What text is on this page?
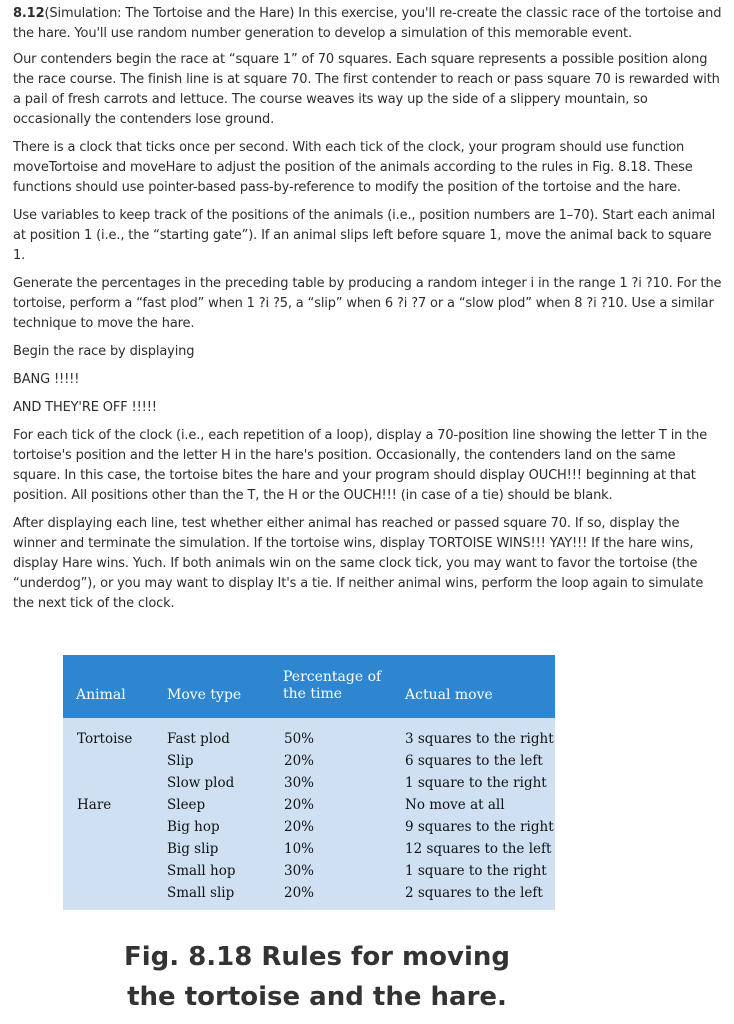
8.12(Simulation: The Tortoise and the Hare) In this exercise, you'll re-create the classic race of the tortoise and the hare. You'll use random number generation to develop a simulation of this memorable event.

Our contenders begin the race at “square 1” of 70 squares. Each square represents a possible position along the race course. The finish line is at square 70. The first contender to reach or pass square 70 is rewarded with a pail of fresh carrots and lettuce. The course weaves its way up the side of a slippery mountain, so occasionally the contenders lose ground.

There is a clock that ticks once per second. With each tick of the clock, your program should use function moveTortoise and moveHare to adjust the position of the animals according to the rules in Fig. 8.18. These functions should use pointer-based pass-by-reference to modify the position of the tortoise and the hare.

Use variables to keep track of the positions of the animals (i.e., position numbers are 1–70). Start each animal at position 1 (i.e., the “starting gate”). If an animal slips left before square 1, move the animal back to square 1.

Generate the percentages in the preceding table by producing a random integer i in the range 1 ?i ?10. For the tortoise, perform a “fast plod” when 1 ?i ?5, a “slip” when 6 ?i ?7 or a “slow plod” when 8 ?i ?10. Use a similar technique to move the hare.

Begin the race by displaying

BANG !!!!!

AND THEY'RE OFF !!!!!

For each tick of the clock (i.e., each repetition of a loop), display a 70-position line showing the letter T in the tortoise's position and the letter H in the hare's position. Occasionally, the contenders land on the same square. In this case, the tortoise bites the hare and your program should display OUCH!!! beginning at that position. All positions other than the T, the H or the OUCH!!! (in case of a tie) should be blank.

After displaying each line, test whether either animal has reached or passed square 70. If so, display the winner and terminate the simulation. If the tortoise wins, display TORTOISE WINS!!! YAY!!! If the hare wins, display Hare wins. Yuch. If both animals win on the same clock tick, you may want to favor the tortoise (the “underdog”), or you may want to display It's a tie. If neither animal wins, perform the loop again to simulate the next tick of the clock.

Animal	Move type
Percentage of
the time	Actual move
Tortoise
Hare
Fast plod
Slip
Slow plod
Sleep
Big hop
Big slip
Small hop
Small slip
50%
20%
30%
20%
20%
10%
30%
20%
3 squares to the right
6 squares to the left
1 square to the right
No move at all
9 squares to the right
12 squares to the left
1 square to the right
2 squares to the left
Fig. 8.18 Rules for moving the tortoise and the hare.
